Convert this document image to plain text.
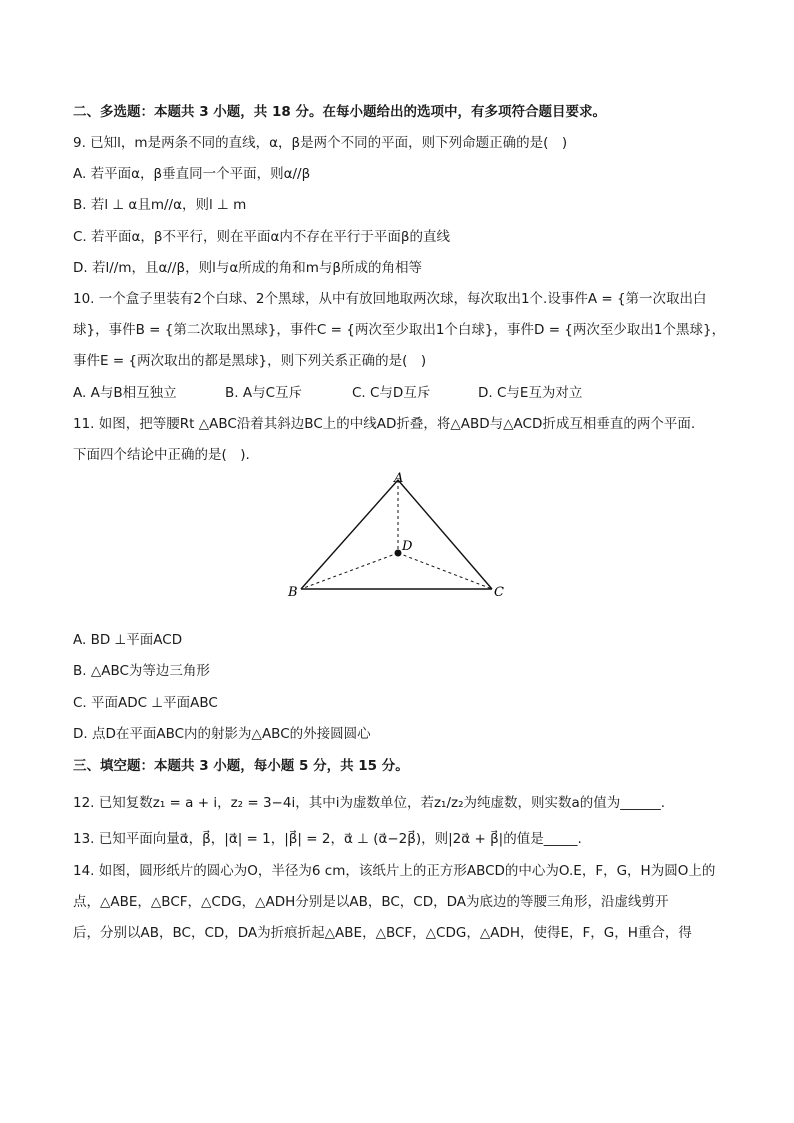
二、多选题：本题共 3 小题，共 18 分。在每小题给出的选项中，有多项符合题目要求。
9. 已知l，m是两条不同的直线，α，β是两个不同的平面，则下列命题正确的是(　)
A. 若平面α，β垂直同一个平面，则α//β
B. 若l ⊥ α且m//α，则l ⊥ m
C. 若平面α，β不平行，则在平面α内不存在平行于平面β的直线
D. 若l//m，且α//β，则l与α所成的角和m与β所成的角相等
10. 一个盒子里装有2个白球、2个黑球，从中有放回地取两次球，每次取出1个.设事件A = {第一次取出白
球}，事件B = {第二次取出黑球}，事件C = {两次至少取出1个白球}，事件D = {两次至少取出1个黑球}，
事件E = {两次取出的都是黑球}，则下列关系正确的是(　)
A. A与B相互独立	B. A与C互斥	C. C与D互斥	D. C与E互为对立
11. 如图，把等腰Rt △ABC沿着其斜边BC上的中线AD折叠，将△ABD与△ACD折成互相垂直的两个平面.
下面四个结论中正确的是(　).
A
B	C
D
A. BD ⊥平面ACD
B. △ABC为等边三角形
C. 平面ADC ⊥平面ABC
D. 点D在平面ABC内的射影为△ABC的外接圆圆心
三、填空题：本题共 3 小题，每小题 5 分，共 15 分。
12. 已知复数z₁ = a + i，z₂ = 3−4i，其中i为虚数单位，若z₁/z₂为纯虚数，则实数a的值为______.
13. 已知平面向量α⃗，β⃗，|α⃗| = 1，|β⃗| = 2，α⃗ ⊥ (α⃗−2β⃗)，则|2α⃗ + β⃗|的值是_____.
14. 如图，圆形纸片的圆心为O，半径为6 cm，该纸片上的正方形ABCD的中心为O.E，F，G，H为圆O上的
点，△ABE，△BCF，△CDG，△ADH分别是以AB，BC，CD，DA为底边的等腰三角形，沿虚线剪开
后，分别以AB，BC，CD，DA为折痕折起△ABE，△BCF，△CDG，△ADH，使得E，F，G，H重合，得
